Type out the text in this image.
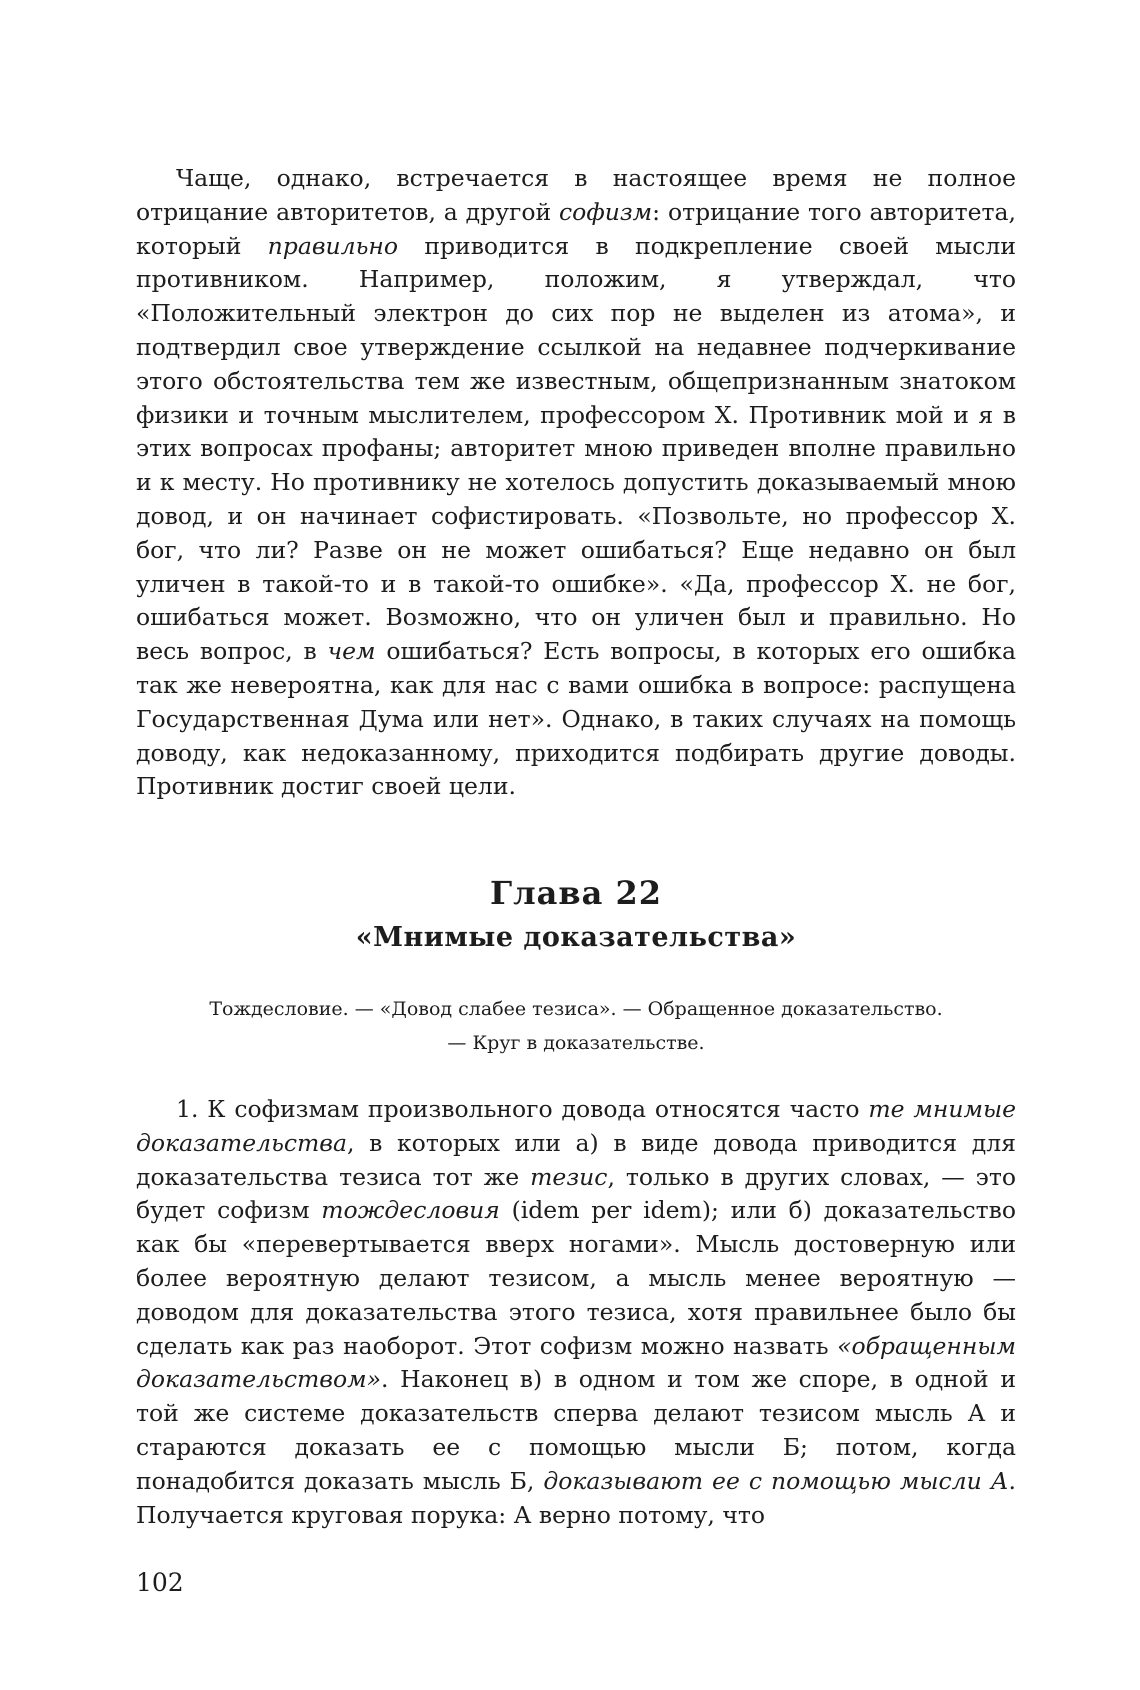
Чаще, однако, встречается в настоящее время не полное отрицание авторитетов, а другой софизм: отрицание того авторитета, который правильно приводится в подкрепление своей мысли противником. Например, положим, я утверждал, что «Положительный электрон до сих пор не выделен из атома», и подтвердил свое утверждение ссылкой на недавнее подчеркивание этого обстоятельства тем же известным, общепризнанным знатоком физики и точным мыслителем, профессором Х. Противник мой и я в этих вопросах профаны; авторитет мною приведен вполне правильно и к месту. Но противнику не хотелось допустить доказываемый мною довод, и он начинает софистировать. «Позвольте, но профессор Х. бог, что ли? Разве он не может ошибаться? Еще недавно он был уличен в такой-то и в такой-то ошибке». «Да, профессор Х. не бог, ошибаться может. Возможно, что он уличен был и правильно. Но весь вопрос, в чем ошибаться? Есть вопросы, в которых его ошибка так же невероятна, как для нас с вами ошибка в вопросе: распущена Государственная Дума или нет». Однако, в таких случаях на помощь доводу, как недоказанному, приходится подбирать другие доводы. Противник достиг своей цели.

Глава 22
«Мнимые доказательства»

Тождесловие. — «Довод слабее тезиса». — Обращенное доказательство. — Круг в доказательстве.

1. К софизмам произвольного довода относятся часто те мнимые доказательства, в которых или а) в виде довода приводится для доказательства тезиса тот же тезис, только в других словах, — это будет софизм тождесловия (idem per idem); или б) доказательство как бы «перевертывается вверх ногами». Мысль достоверную или более вероятную делают тезисом, а мысль менее вероятную — доводом для доказательства этого тезиса, хотя правильнее было бы сделать как раз наоборот. Этот софизм можно назвать «обращенным доказательством». Наконец в) в одном и том же споре, в одной и той же системе доказательств сперва делают тезисом мысль А и стараются доказать ее с помощью мысли Б; потом, когда понадобится доказать мысль Б, доказывают ее с помощью мысли А. Получается круговая порука: А верно потому, что

102
